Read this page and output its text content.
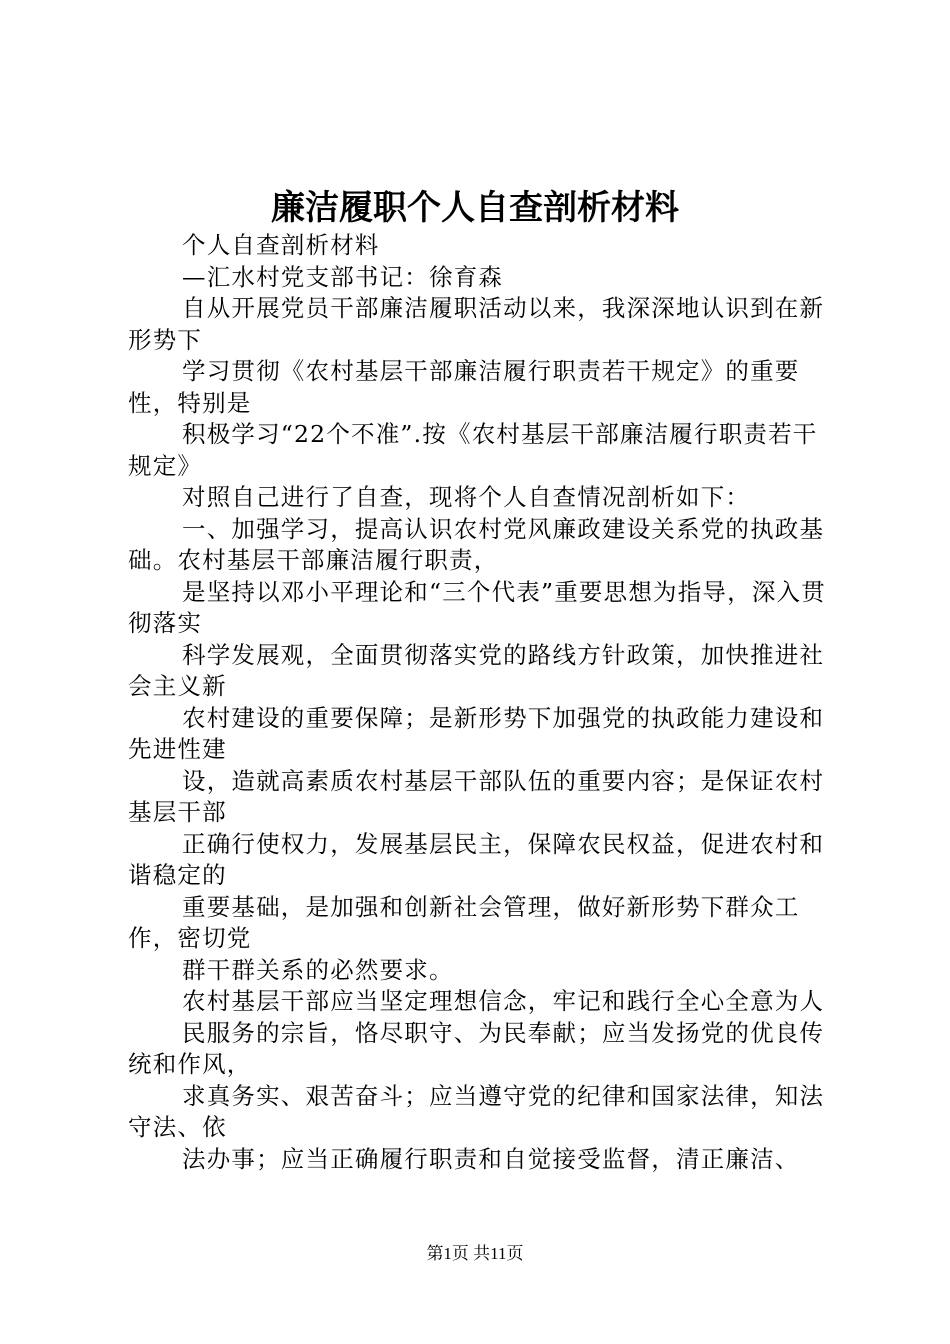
廉洁履职个人自查剖析材料

个人自查剖析材料

—汇水村党支部书记：徐育森

自从开展党员干部廉洁履职活动以来，我深深地认识到在新形势下

学习贯彻《农村基层干部廉洁履行职责若干规定》的重要性，特别是

积极学习“22个不准”.按《农村基层干部廉洁履行职责若干规定》

对照自己进行了自查，现将个人自查情况剖析如下：

一、加强学习，提高认识农村党风廉政建设关系党的执政基础。农村基层干部廉洁履行职责，

是坚持以邓小平理论和“三个代表”重要思想为指导，深入贯彻落实

科学发展观，全面贯彻落实党的路线方针政策，加快推进社会主义新

农村建设的重要保障；是新形势下加强党的执政能力建设和先进性建

设，造就高素质农村基层干部队伍的重要内容；是保证农村基层干部

正确行使权力，发展基层民主，保障农民权益，促进农村和谐稳定的

重要基础，是加强和创新社会管理，做好新形势下群众工作，密切党

群干群关系的必然要求。

农村基层干部应当坚定理想信念，牢记和践行全心全意为人

民服务的宗旨，恪尽职守、为民奉献；应当发扬党的优良传统和作风，

求真务实、艰苦奋斗；应当遵守党的纪律和国家法律，知法守法、依

法办事；应当正确履行职责和自觉接受监督，清正廉洁、

第1页 共11页
